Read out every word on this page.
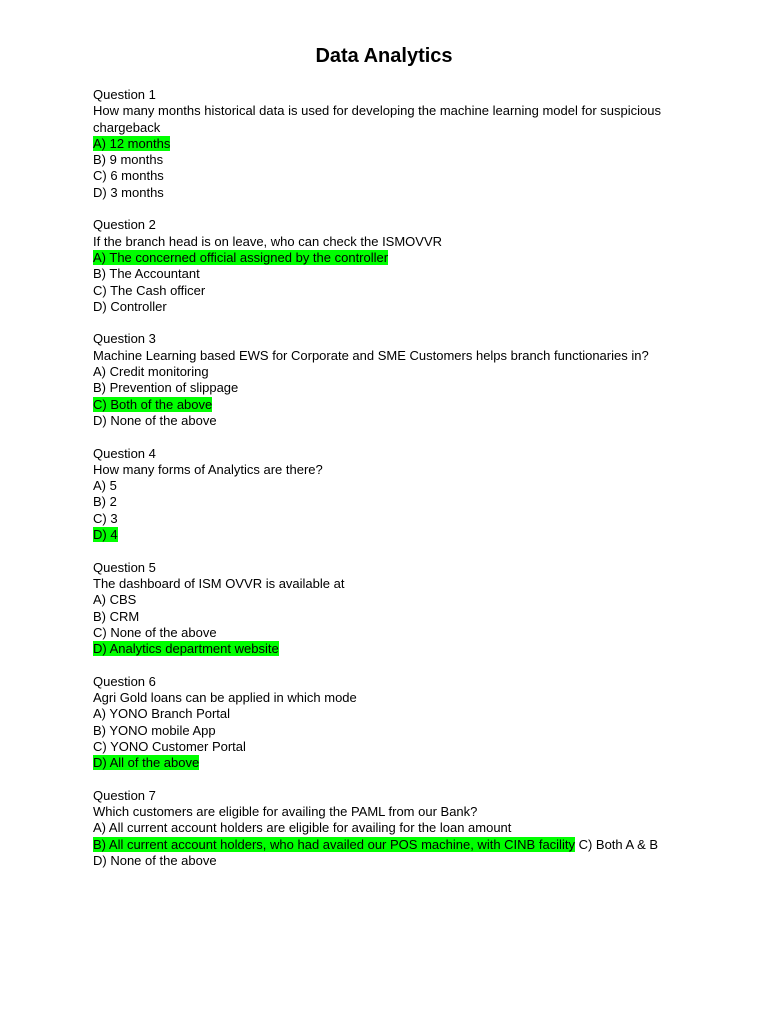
Data Analytics
Question 1
How many months historical data is used for developing the machine learning model for suspicious chargeback
A) 12 months
B) 9 months
C) 6 months
D) 3 months
Question 2
If the branch head is on leave, who can check the ISMOVVR
A) The concerned official assigned by the controller
B) The Accountant
C) The Cash officer
D) Controller
Question 3
Machine Learning based EWS for Corporate and SME Customers helps branch functionaries in?
A) Credit monitoring
B) Prevention of slippage
C) Both of the above
D) None of the above
Question 4
How many forms of Analytics are there?
A) 5
B) 2
C) 3
D) 4
Question 5
The dashboard of ISM OVVR is available at
A) CBS
B) CRM
C) None of the above
D) Analytics department website
Question 6
Agri Gold loans can be applied in which mode
A) YONO Branch Portal
B) YONO mobile App
C) YONO Customer Portal
D) All of the above
Question 7
Which customers are eligible for availing the PAML from our Bank?
A) All current account holders are eligible for availing for the loan amount
B) All current account holders, who had availed our POS machine, with CINB facility C) Both A & B
D) None of the above
